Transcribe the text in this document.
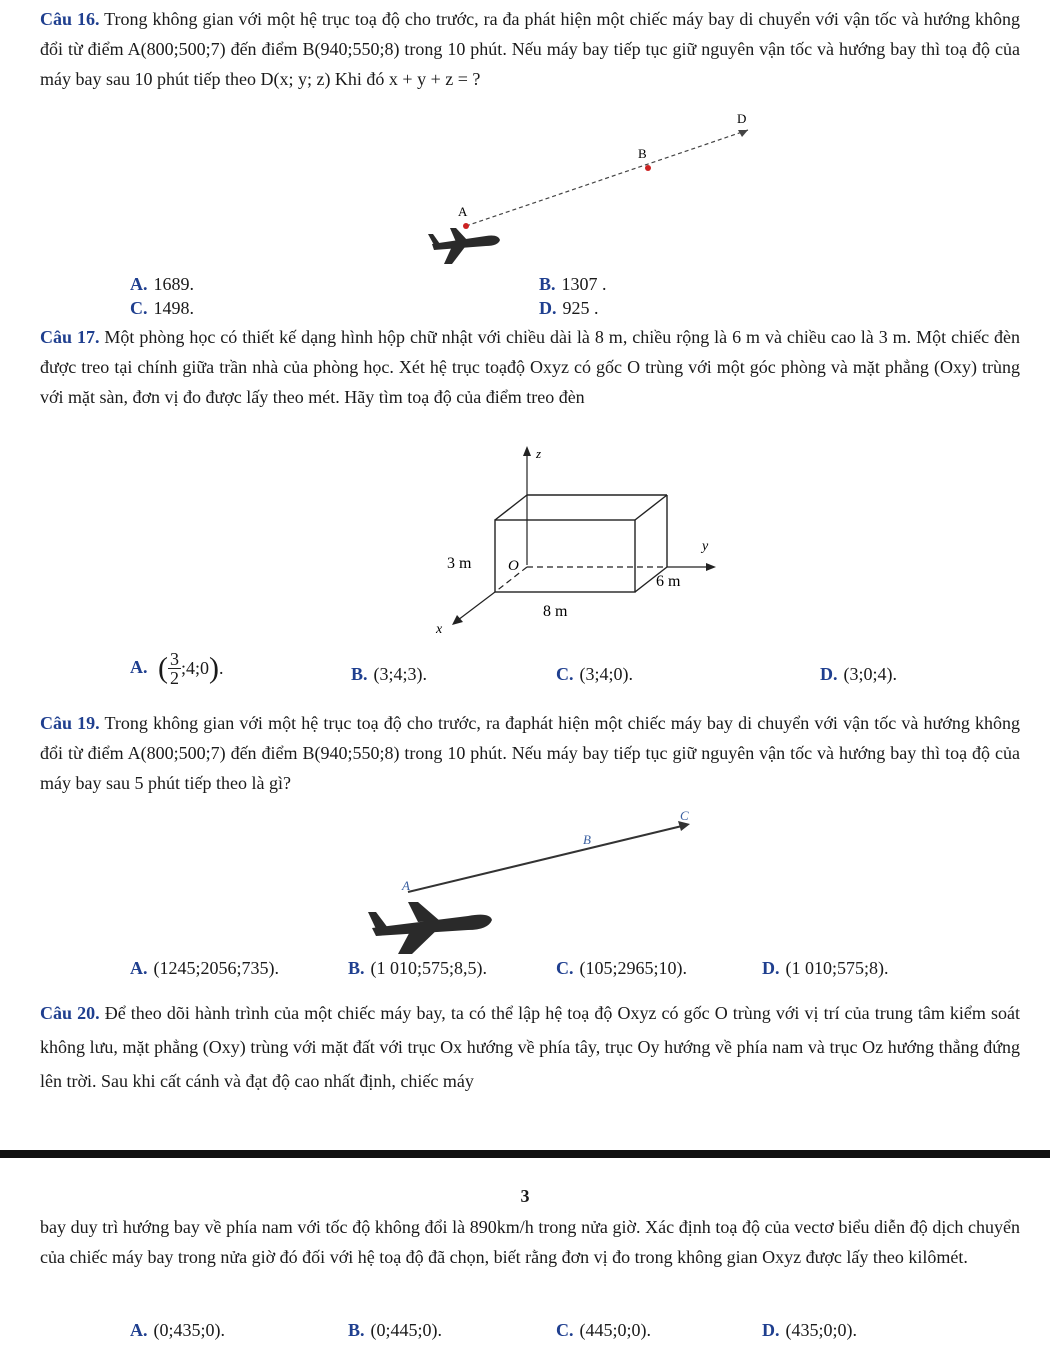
Câu 16. Trong không gian với một hệ trục toạ độ cho trước, ra đa phát hiện một chiếc máy bay di chuyển với vận tốc và hướng không đổi từ điểm A(800;500;7) đến điểm B(940;550;8) trong 10 phút. Nếu máy bay tiếp tục giữ nguyên vận tốc và hướng bay thì toạ độ của máy bay sau 10 phút tiếp theo D(x; y; z) Khi đó x + y + z = ?
D
B
A
A. 1689.	B. 1307 .
C. 1498.	D. 925 .
Câu 17. Một phòng học có thiết kế dạng hình hộp chữ nhật với chiều dài là 8 m, chiều rộng là 6 m và chiều cao là 3 m. Một chiếc đèn được treo tại chính giữa trần nhà của phòng học. Xét hệ trục toạđộ Oxyz có gốc O trùng với một góc phòng và mặt phẳng (Oxy) trùng với mặt sàn, đơn vị đo được lấy theo mét. Hãy tìm toạ độ của điểm treo đèn
z
y
x
O
3 m
6 m
8 m
A. ( $\frac{3}{2}$ ;4;0).	B. (3;4;3).	C. (3;4;0).	D. (3;0;4).
Câu 19. Trong không gian với một hệ trục toạ độ cho trước, ra đaphát hiện một chiếc máy bay di chuyển với vận tốc và hướng không đổi từ điểm A(800;500;7) đến điểm B(940;550;8) trong 10 phút. Nếu máy bay tiếp tục giữ nguyên vận tốc và hướng bay thì toạ độ của máy bay sau 5 phút tiếp theo là gì?
C
B
A
A. (1245;2056;735).	B. (1 010;575;8,5).	C. (105;2965;10).	D. (1 010;575;8).
Câu 20. Để theo dõi hành trình của một chiếc máy bay, ta có thể lập hệ toạ độ Oxyz có gốc O trùng với vị trí của trung tâm kiểm soát không lưu, mặt phẳng (Oxy) trùng với mặt đất với trục Ox hướng về phía tây, trục Oy hướng về phía nam và trục Oz hướng thẳng đứng lên trời. Sau khi cất cánh và đạt độ cao nhất định, chiếc máy
3
bay duy trì hướng bay về phía nam với tốc độ không đổi là 890km/h trong nửa giờ. Xác định toạ độ của vectơ biểu diễn độ dịch chuyển của chiếc máy bay trong nửa giờ đó đối với hệ toạ độ đã chọn, biết rằng đơn vị đo trong không gian Oxyz được lấy theo kilômét.
A. (0;435;0).	B. (0;445;0).	C. (445;0;0).	D. (435;0;0).
